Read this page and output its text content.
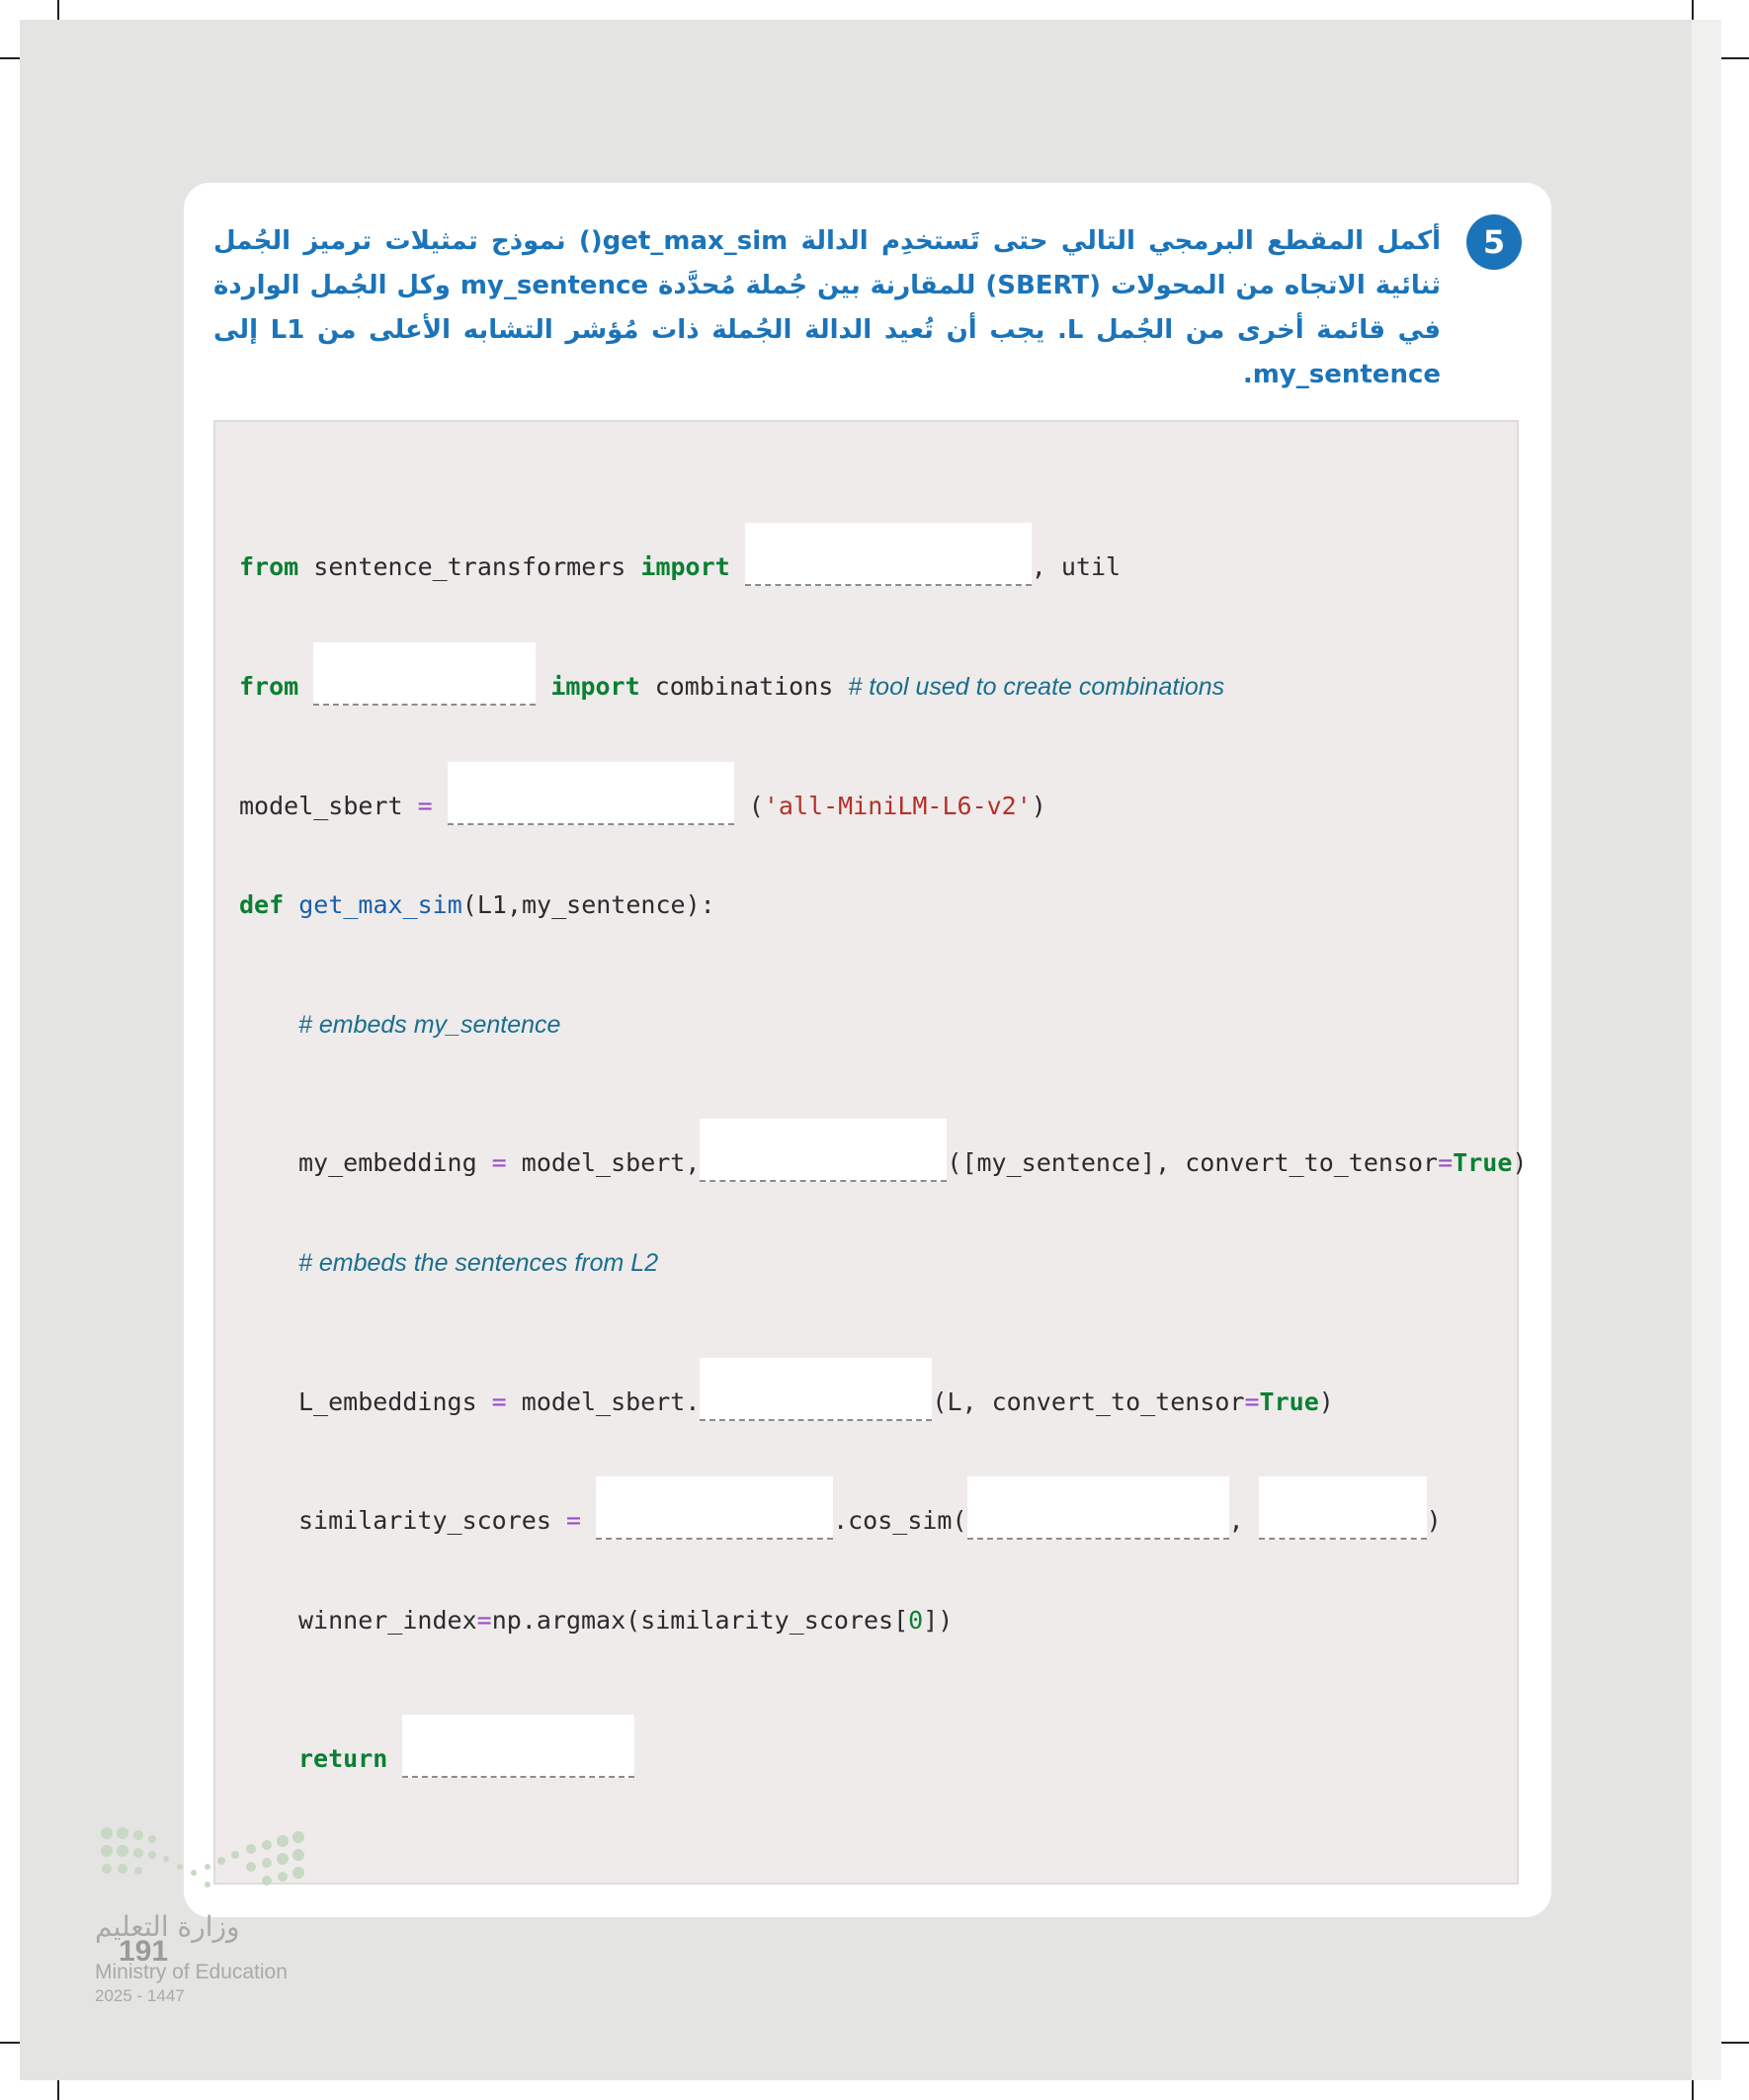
5

أكمل المقطع البرمجي التالي حتى تَستخدِم الدالة get_max_sim() نموذج تمثيلات ترميز الجُمل ثنائية الاتجاه من المحولات (SBERT) للمقارنة بين جُملة مُحدَّدة my_sentence وكل الجُمل الواردة في قائمة أخرى من الجُمل L. يجب أن تُعيد الدالة الجُملة ذات مُؤشر التشابه الأعلى من L1 إلى my_sentence.

from sentence_transformers import	, util
from	import combinations # tool used to create combinations
model_sbert =	('all-MiniLM-L6-v2')
def get_max_sim(L1,my_sentence):
# embeds my_sentence
my_embedding = model_sbert,	([my_sentence], convert_to_tensor=True)
# embeds the sentences from L2
L_embeddings = model_sbert.	(L, convert_to_tensor=True)
similarity_scores =	.cos_sim(	,	)
winner_index=np.argmax(similarity_scores[0])
return
وزارة التعليم
191
Ministry of Education
2025 - 1447
